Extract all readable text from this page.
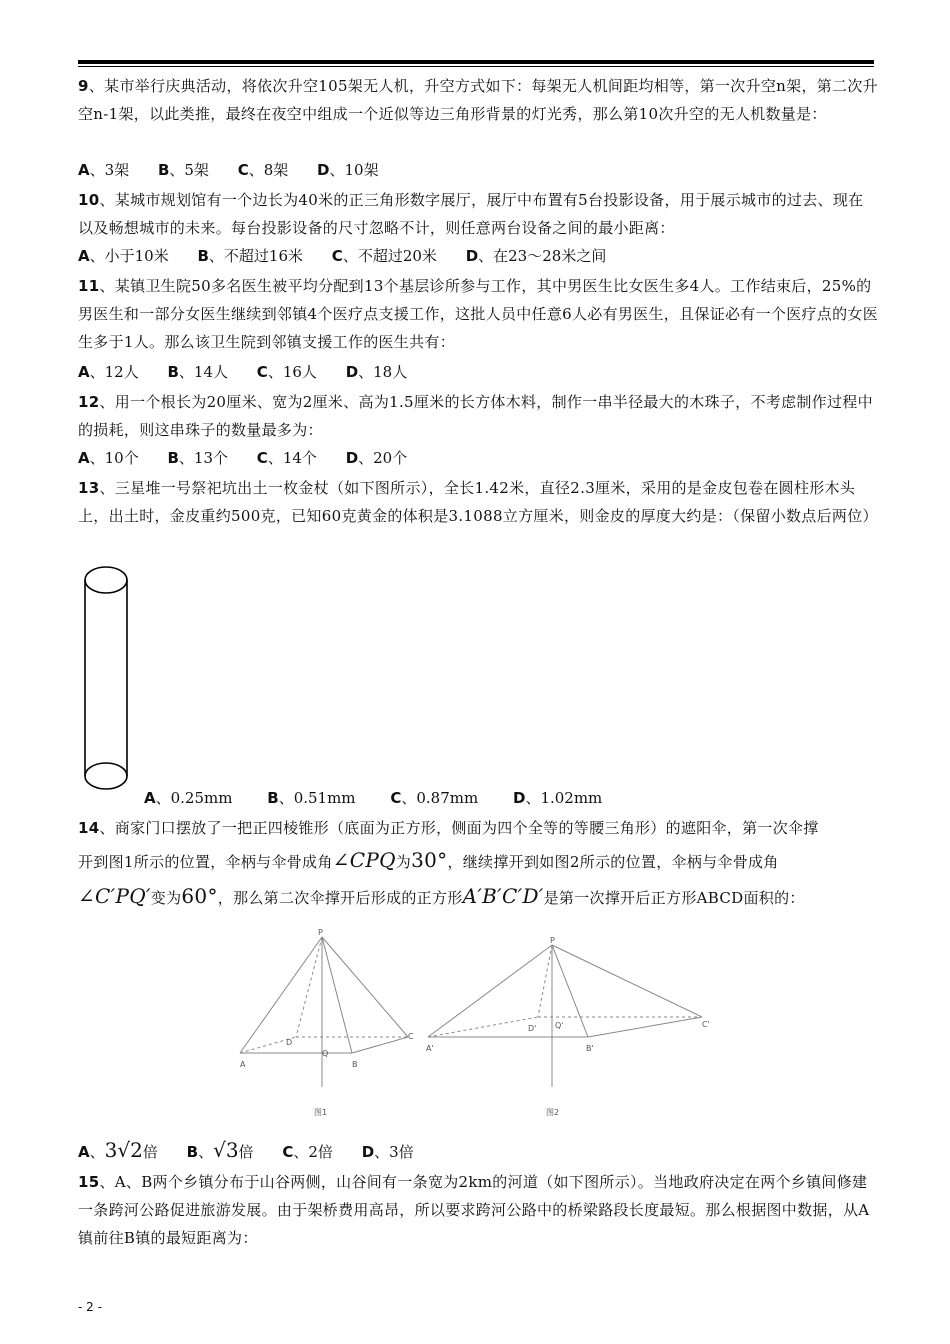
9、某市举行庆典活动，将依次升空105架无人机，升空方式如下：每架无人机间距均相等，第一次升空n架，第二次升空n-1架，以此类推，最终在夜空中组成一个近似等边三角形背景的灯光秀，那么第10次升空的无人机数量是：
A、3架 B、5架 C、8架 D、10架
10、某城市规划馆有一个边长为40米的正三角形数字展厅，展厅中布置有5台投影设备，用于展示城市的过去、现在以及畅想城市的未来。每台投影设备的尺寸忽略不计，则任意两台设备之间的最小距离：
A、小于10米 B、不超过16米 C、不超过20米 D、在23～28米之间
11、某镇卫生院50多名医生被平均分配到13个基层诊所参与工作，其中男医生比女医生多4人。工作结束后，25%的男医生和一部分女医生继续到邻镇4个医疗点支援工作，这批人员中任意6人必有男医生，且保证必有一个医疗点的女医生多于1人。那么该卫生院到邻镇支援工作的医生共有：
A、12人 B、14人 C、16人 D、18人
12、用一个根长为20厘米、宽为2厘米、高为1.5厘米的长方体木料，制作一串半径最大的木珠子，不考虑制作过程中的损耗，则这串珠子的数量最多为：
A、10个 B、13个 C、14个 D、20个
13、三星堆一号祭祀坑出土一枚金杖（如下图所示），全长1.42米，直径2.3厘米，采用的是金皮包卷在圆柱形木头上，出土时，金皮重约500克，已知60克黄金的体积是3.1088立方厘米，则金皮的厚度大约是：（保留小数点后两位）
A、0.25mm B、0.51mm C、0.87mm D、1.02mm
14、商家门口摆放了一把正四棱锥形（底面为正方形，侧面为四个全等的等腰三角形）的遮阳伞，第一次伞撑
开到图1所示的位置，伞柄与伞骨成角∠CPQ为30°，继续撑开到如图2所示的位置，伞柄与伞骨成角
∠C′PQ′变为60°，那么第二次伞撑开后形成的正方形A′B′C′D′是第一次撑开后正方形ABCD面积的：
P
A	B
C
D
Q
图1
P
A'	B'
C'
D' Q'
图2
A、3√2倍 B、√3倍 C、2倍 D、3倍
15、A、B两个乡镇分布于山谷两侧，山谷间有一条宽为2km的河道（如下图所示）。当地政府决定在两个乡镇间修建一条跨河公路促进旅游发展。由于架桥费用高昂，所以要求跨河公路中的桥梁路段长度最短。那么根据图中数据，从A镇前往B镇的最短距离为：
- 2 -
